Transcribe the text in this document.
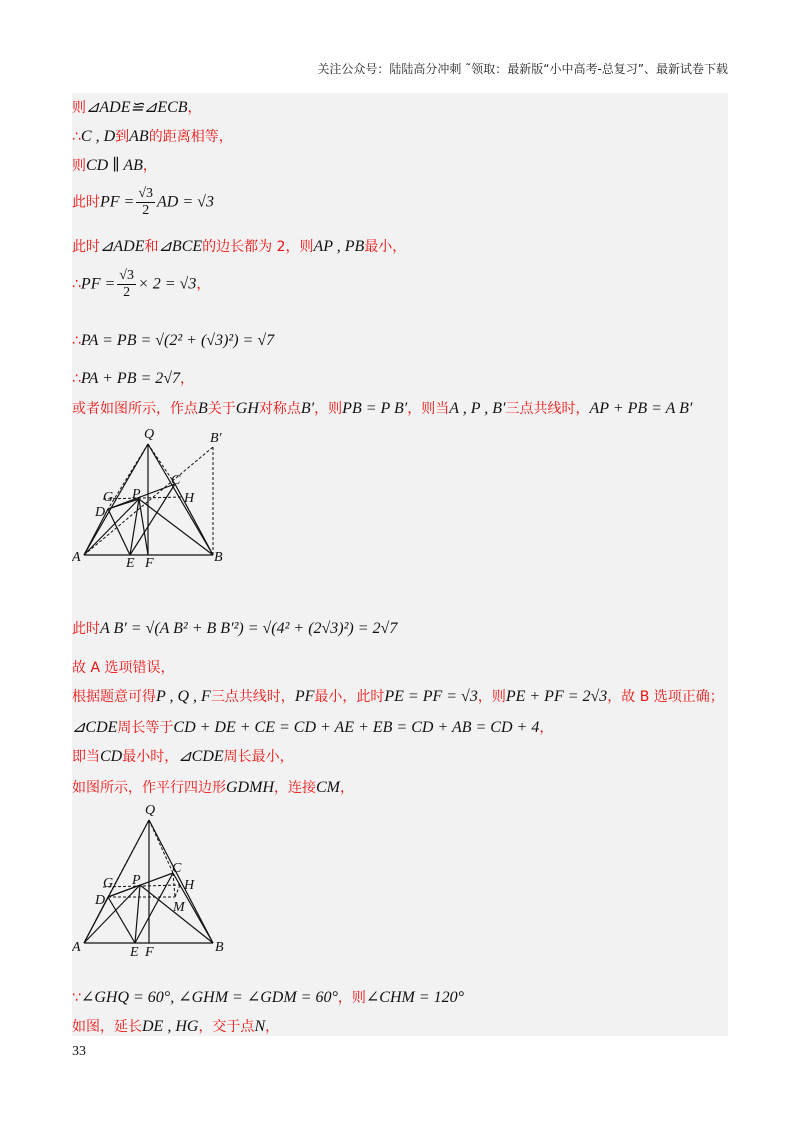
关注公众号：陆陆高分冲刺 ˜领取：最新版“小中高考-总复习”、最新试卷下载
则⊿ADE≌⊿ECB，
∴C , D到AB的距离相等，
则CD ∥ AB，
此时PF = $\frac{√3}{2}$ AD = √3
此时⊿ADE和⊿BCE的边长都为 2，则AP , PB最小，
∴PF = $\frac{√3}{2} \times 2 = √3$，
∴PA = PB = √(2² + (√3)²) = √7
∴PA + PB = 2√7，
或者如图所示，作点B关于GH对称点B′，则PB = P B′，则当A , P , B′三点共线时，AP + PB = A B′
Q	B′
G P
C
H
D
A	E F	B
此时A B′ = √(A B² + B B′²) = √(4² + (2√3)²) = 2√7
故 A 选项错误，
根据题意可得P , Q , F三点共线时，PF最小，此时PE = PF = √3，则PE + PF = 2√3，故 B 选项正确；
⊿CDE周长等于CD + DE + CE = CD + AE + EB = CD + AB = CD + 4，
即当CD最小时，⊿CDE周长最小，
如图所示，作平行四边形GDMH，连接CM，
Q
C
G P	H
D	M
A	E F	B
∵∠GHQ = 60°, ∠GHM = ∠GDM = 60°，则∠CHM = 120°
如图，延长DE , HG，交于点N，
33
